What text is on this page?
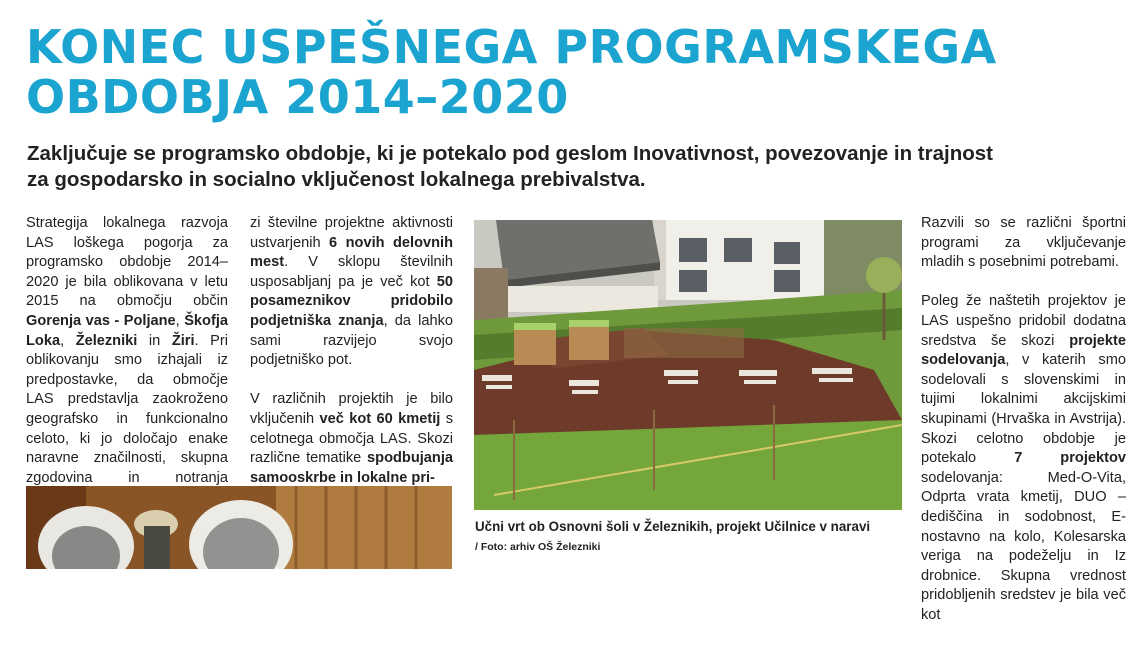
KONEC USPEŠNEGA PROGRAMSKEGA
OBDOBJA 2014–2020

Zaključuje se programsko obdobje, ki je potekalo pod geslom Inovativnost, povezovanje in trajnost
za gospodarsko in socialno vključenost lokalnega prebivalstva.

Strategija lokalnega razvoja LAS loškega pogorja za programsko obdobje 2014–2020 je bila oblikovana v letu 2015 na območju občin Gorenja vas - Poljane, Škofja Loka, Železniki in Žiri. Pri oblikovanju smo izhajali iz predpostavke, da območje LAS predstavlja zaokroženo geografsko in funkcionalno celoto, ki jo določajo enake naravne značilnosti, skupna zgodovina in notranja

zi številne projektne aktivnosti ustvarjenih 6 novih delovnih mest. V sklopu številnih usposabljanj pa je več kot 50 posameznikov pridobilo podjetniška znanja, da lahko sami razvijejo svojo podjetniško pot.

V različnih projektih je bilo vključenih več kot 60 kmetij s celotnega območja LAS. Skozi različne tematike spodbujanja samooskrbe in lokalne pri-

Razvili so se različni športni programi za vključevanje mladih s posebnimi potrebami.

Poleg že naštetih projektov je LAS uspešno pridobil dodatna sredstva še skozi projekte sodelovanja, v katerih smo sodelovali s slovenskimi in tujimi lokalnimi akcijskimi skupinami (Hrvaška in Avstrija). Skozi celotno obdobje je potekalo 7 projektov sodelovanja: Med-O-Vita, Odprta vrata kmetij, DUO – dediščina in sodobnost, E-nostavno na kolo, Kolesarska veriga na podeželju in Iz drobnice. Skupna vrednost pridobljenih sredstev je bila več kot

Učni vrt ob Osnovni šoli v Železnikih, projekt Učilnice v naravi

/ Foto: arhiv OŠ Železniki
